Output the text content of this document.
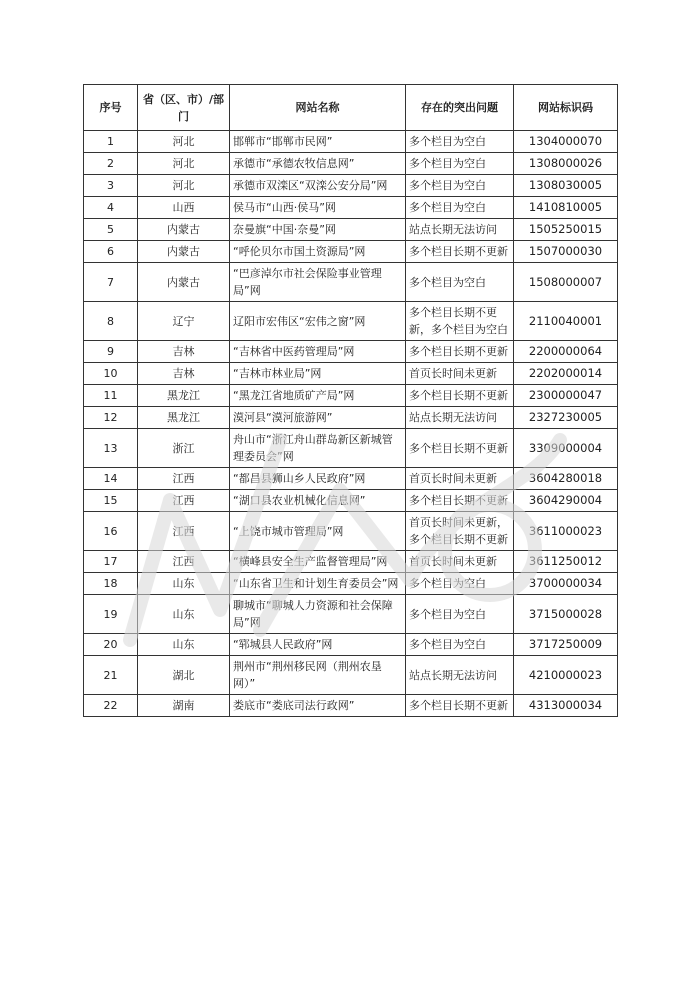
序号	省（区、市）/部门	网站名称	存在的突出问题	网站标识码
1	河北	邯郸市“邯郸市民网”	多个栏目为空白	1304000070
2	河北	承德市“承德农牧信息网”	多个栏目为空白	1308000026
3	河北	承德市双滦区“双滦公安分局”网	多个栏目为空白	1308030005
4	山西	侯马市“山西·侯马”网	多个栏目为空白	1410810005
5	内蒙古	奈曼旗“中国·奈曼”网	站点长期无法访问	1505250015
6	内蒙古	“呼伦贝尔市国土资源局”网	多个栏目长期不更新	1507000030
7	内蒙古	“巴彦淖尔市社会保险事业管理局”网	多个栏目为空白	1508000007
8	辽宁	辽阳市宏伟区“宏伟之窗”网	多个栏目长期不更新，多个栏目为空白	2110040001
9	吉林	“吉林省中医药管理局”网	多个栏目长期不更新	2200000064
10	吉林	“吉林市林业局”网	首页长时间未更新	2202000014
11	黑龙江	“黑龙江省地质矿产局”网	多个栏目长期不更新	2300000047
12	黑龙江	漠河县“漠河旅游网”	站点长期无法访问	2327230005
13	浙江	舟山市“浙江舟山群岛新区新城管理委员会”网	多个栏目长期不更新	3309000004
14	江西	“都昌县狮山乡人民政府”网	首页长时间未更新	3604280018
15	江西	“湖口县农业机械化信息网”	多个栏目长期不更新	3604290004
16	江西	“上饶市城市管理局”网	首页长时间未更新，多个栏目长期不更新	3611000023
17	江西	“横峰县安全生产监督管理局”网	首页长时间未更新	3611250012
18	山东	“山东省卫生和计划生育委员会”网	多个栏目为空白	3700000034
19	山东	聊城市“聊城人力资源和社会保障局”网	多个栏目为空白	3715000028
20	山东	“郓城县人民政府”网	多个栏目为空白	3717250009
21	湖北	荆州市“荆州移民网（荆州农垦网）”	站点长期无法访问	4210000023
22	湖南	娄底市“娄底司法行政网”	多个栏目长期不更新	4313000034
